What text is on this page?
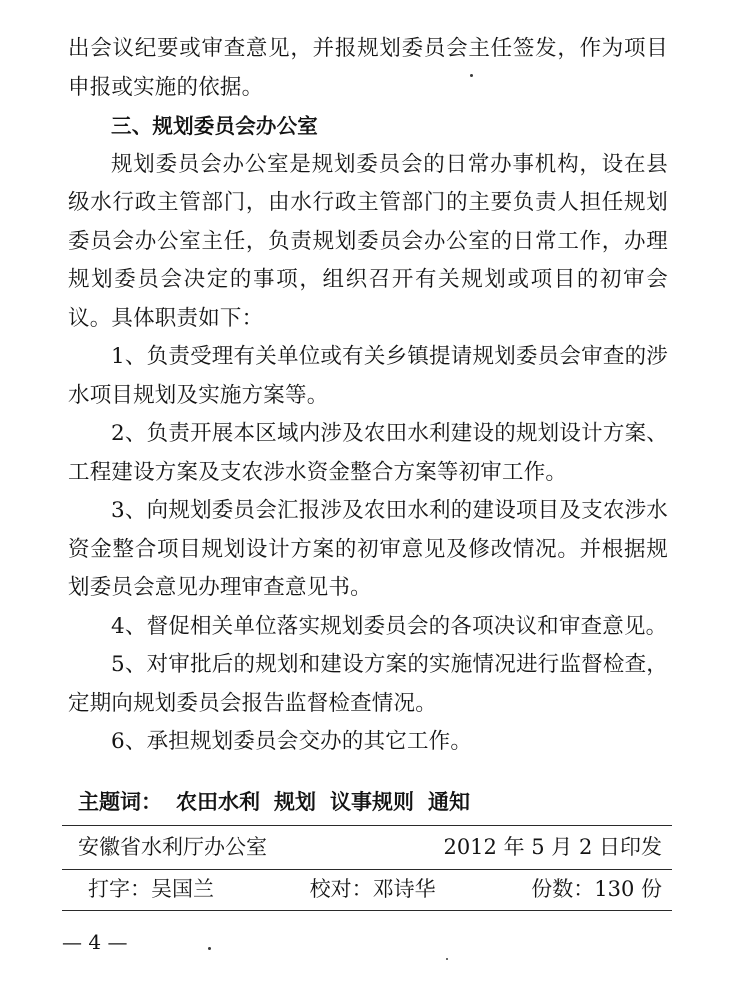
出会议纪要或审查意见，并报规划委员会主任签发，作为项目申报或实施的依据。

三、规划委员会办公室

规划委员会办公室是规划委员会的日常办事机构，设在县级水行政主管部门，由水行政主管部门的主要负责人担任规划委员会办公室主任，负责规划委员会办公室的日常工作，办理规划委员会决定的事项，组织召开有关规划或项目的初审会议。具体职责如下：

1、负责受理有关单位或有关乡镇提请规划委员会审查的涉水项目规划及实施方案等。

2、负责开展本区域内涉及农田水利建设的规划设计方案、工程建设方案及支农涉水资金整合方案等初审工作。

3、向规划委员会汇报涉及农田水利的建设项目及支农涉水资金整合项目规划设计方案的初审意见及修改情况。并根据规划委员会意见办理审查意见书。

4、督促相关单位落实规划委员会的各项决议和审查意见。

5、对审批后的规划和建设方案的实施情况进行监督检查，定期向规划委员会报告监督检查情况。

6、承担规划委员会交办的其它工作。

主题词： 农田水利 规划 议事规则 通知
安徽省水利厅办公室	2012 年 5 月 2 日印发
打字：吴国兰	校对：邓诗华	份数：130 份
— 4 —
